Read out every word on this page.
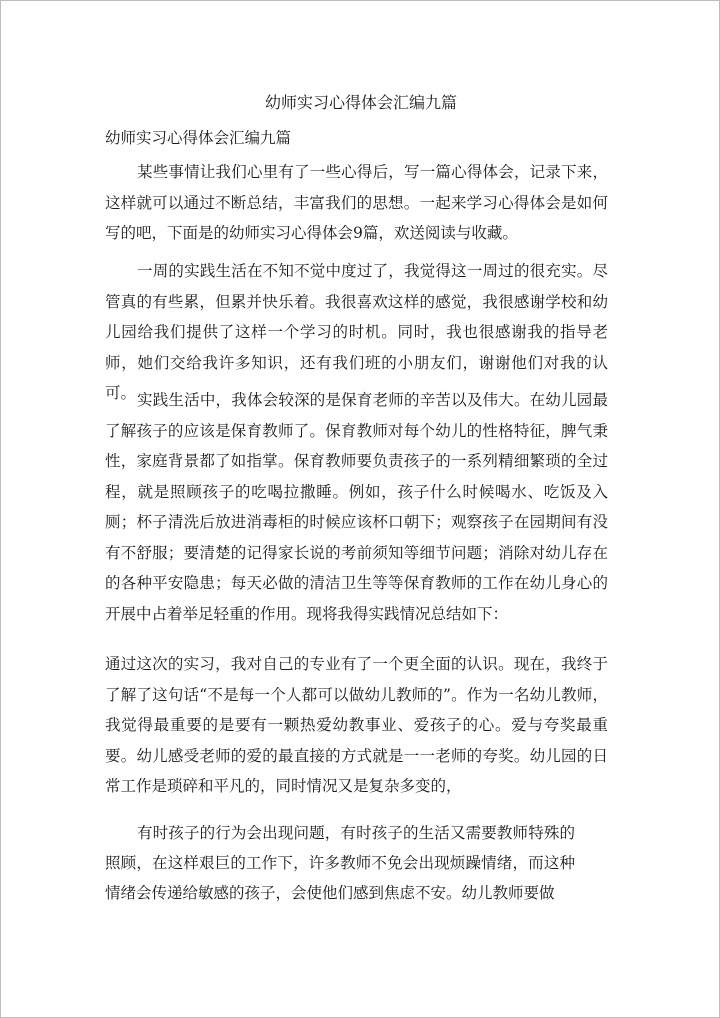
幼师实习心得体会汇编九篇
幼师实习心得体会汇编九篇
某些事情让我们心里有了一些心得后，写一篇心得体会，记录下来，这样就可以通过不断总结，丰富我们的思想。一起来学习心得体会是如何写的吧，下面是的幼师实习心得体会9篇，欢送阅读与收藏。
一周的实践生活在不知不觉中度过了，我觉得这一周过的很充实。尽管真的有些累，但累并快乐着。我很喜欢这样的感觉，我很感谢学校和幼儿园给我们提供了这样一个学习的时机。同时，我也很感谢我的指导老师，她们交给我许多知识，还有我们班的小朋友们，谢谢他们对我的认可。 实践生活中，我体会较深的是保育老师的辛苦以及伟大。在幼儿园最了解孩子的应该是保育教师了。保育教师对每个幼儿的性格特征，脾气秉性，家庭背景都了如指掌。保育教师要负责孩子的一系列精细繁琐的全过程，就是照顾孩子的吃喝拉撒睡。例如，孩子什么时候喝水、吃饭及入厕；杯子清洗后放进消毒柜的时候应该杯口朝下；观察孩子在园期间有没有不舒服；要清楚的记得家长说的考前须知等细节问题；消除对幼儿存在的各种平安隐患；每天必做的清洁卫生等等保育教师的工作在幼儿身心的开展中占着举足轻重的作用。现将我得实践情况总结如下：
通过这次的实习，我对自己的专业有了一个更全面的认识。现在，我终于了解了这句话“不是每一个人都可以做幼儿教师的”。作为一名幼儿教师，我觉得最重要的是要有一颗热爱幼教事业、爱孩子的心。爱与夸奖最重要。幼儿感受老师的爱的最直接的方式就是一一老师的夸奖。幼儿园的日常工作是琐碎和平凡的，同时情况又是复杂多变的，
有时孩子的行为会出现问题，有时孩子的生活又需要教师特殊的照顾，在这样艰巨的工作下，许多教师不免会出现烦躁情绪，而这种情绪会传递给敏感的孩子，会使他们感到焦虑不安。幼儿教师要做
